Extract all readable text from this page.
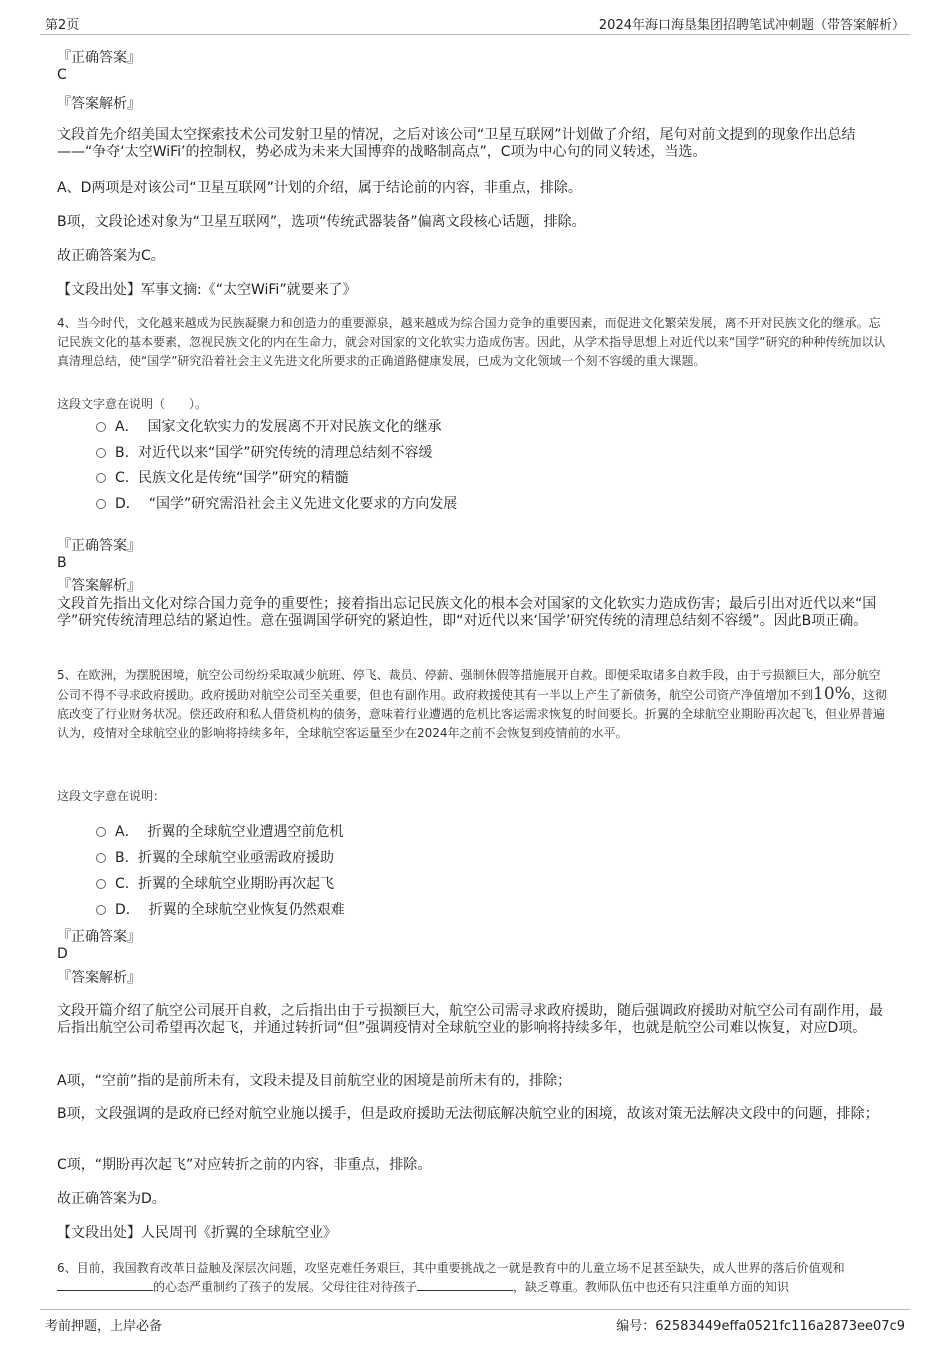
第2页	2024年海口海垦集团招聘笔试冲刺题（带答案解析）

『正确答案』

C

『答案解析』

文段首先介绍美国太空探索技术公司发射卫星的情况，之后对该公司“卫星互联网”计划做了介绍，尾句对前文提到的现象作出总结——“争夺‘太空WiFi’的控制权，势必成为未来大国博弈的战略制高点”，C项为中心句的同义转述，当选。

A、D两项是对该公司“卫星互联网”计划的介绍，属于结论前的内容，非重点，排除。

B项，文段论述对象为“卫星互联网”，选项“传统武器装备”偏离文段核心话题，排除。

故正确答案为C。

【文段出处】军事文摘:《“太空WiFi”就要来了》

4、当今时代，文化越来越成为民族凝聚力和创造力的重要源泉，越来越成为综合国力竞争的重要因素，而促进文化繁荣发展，离不开对民族文化的继承。忘记民族文化的基本要素，忽视民族文化的内在生命力，就会对国家的文化软实力造成伤害。因此，从学术指导思想上对近代以来“国学”研究的种种传统加以认真清理总结，使“国学”研究沿着社会主义先进文化所要求的正确道路健康发展，已成为文化领域一个刻不容缓的重大课题。

这段文字意在说明（　　）。

A． 国家文化软实力的发展离不开对民族文化的继承
B. 对近代以来“国学”研究传统的清理总结刻不容缓
C. 民族文化是传统“国学”研究的精髓
D． “国学”研究需沿社会主义先进文化要求的方向发展

『正确答案』

B

『答案解析』

文段首先指出文化对综合国力竞争的重要性；接着指出忘记民族文化的根本会对国家的文化软实力造成伤害；最后引出对近代以来“国学”研究传统清理总结的紧迫性。意在强调国学研究的紧迫性，即“对近代以来‘国学’研究传统的清理总结刻不容缓”。因此B项正确。

5、在欧洲，为摆脱困境，航空公司纷纷采取减少航班、停飞、裁员、停薪、强制休假等措施展开自救。即便采取诸多自救手段，由于亏损额巨大，部分航空公司不得不寻求政府援助。政府援助对航空公司至关重要，但也有副作用。政府救援使其有一半以上产生了新债务，航空公司资产净值增加不到10%，这彻底改变了行业财务状况。偿还政府和私人借贷机构的债务，意味着行业遭遇的危机比客运需求恢复的时间要长。折翼的全球航空业期盼再次起飞，但业界普遍认为，疫情对全球航空业的影响将持续多年，全球航空客运量至少在2024年之前不会恢复到疫情前的水平。

这段文字意在说明：

A． 折翼的全球航空业遭遇空前危机
B. 折翼的全球航空业亟需政府援助
C. 折翼的全球航空业期盼再次起飞
D． 折翼的全球航空业恢复仍然艰难

『正确答案』

D

『答案解析』

文段开篇介绍了航空公司展开自救，之后指出由于亏损额巨大，航空公司需寻求政府援助，随后强调政府援助对航空公司有副作用，最后指出航空公司希望再次起飞，并通过转折词“但”强调疫情对全球航空业的影响将持续多年，也就是航空公司难以恢复，对应D项。

A项，“空前”指的是前所未有，文段未提及目前航空业的困境是前所未有的，排除；

B项，文段强调的是政府已经对航空业施以援手，但是政府援助无法彻底解决航空业的困境，故该对策无法解决文段中的问题，排除；

C项，“期盼再次起飞”对应转折之前的内容，非重点，排除。

故正确答案为D。

【文段出处】人民周刊《折翼的全球航空业》

6、目前，我国教育改革日益触及深层次问题，攻坚克难任务艰巨，其中重要挑战之一就是教育中的儿童立场不足甚至缺失，成人世界的落后价值观和的心态严重制约了孩子的发展。父母往往对待孩子	，缺乏尊重。教师队伍中也还有只注重单方面的知识

考前押题，上岸必备	编号：62583449effa0521fc116a2873ee07c9
